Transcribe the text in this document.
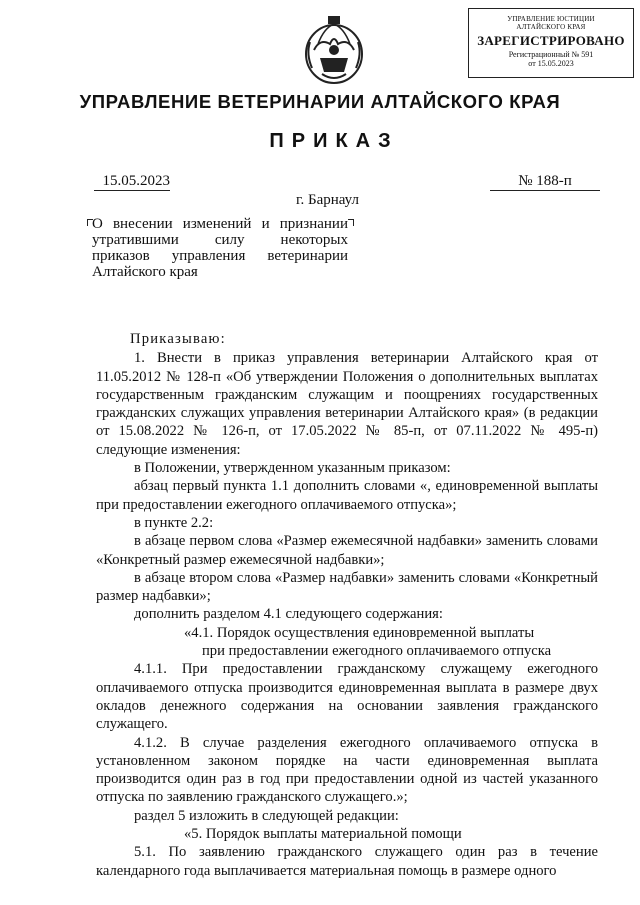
УПРАВЛЕНИЕ ЮСТИЦИИ
АЛТАЙСКОГО КРАЯ
ЗАРЕГИСТРИРОВАНО
Регистрационный № 591
от 15.05.2023
УПРАВЛЕНИЕ ВЕТЕРИНАРИИ АЛТАЙСКОГО КРАЯ
ПРИКАЗ
15.05.2023	№ 188-п
г. Барнаул
О внесении изменений и признании
утратившими силу некоторых
приказов управления ветеринарии
Алтайского края

Приказываю:

1. Внести в приказ управления ветеринарии Алтайского края от 11.05.2012 № 128-п «Об утверждении Положения о дополнительных выплатах государственным гражданским служащим и поощрениях государственных гражданских служащих управления ветеринарии Алтайского края» (в редакции от 15.08.2022 № 126-п, от 17.05.2022 № 85-п, от 07.11.2022 № 495-п) следующие изменения:

в Положении, утвержденном указанным приказом:

абзац первый пункта 1.1 дополнить словами «, единовременной выплаты при предоставлении ежегодного оплачиваемого отпуска»;

в пункте 2.2:

в абзаце первом слова «Размер ежемесячной надбавки» заменить словами «Конкретный размер ежемесячной надбавки»;

в абзаце втором слова «Размер надбавки» заменить словами «Конкретный размер надбавки»;

дополнить разделом 4.1 следующего содержания:

«4.1. Порядок осуществления единовременной выплаты

при предоставлении ежегодного оплачиваемого отпуска

4.1.1. При предоставлении гражданскому служащему ежегодного оплачиваемого отпуска производится единовременная выплата в размере двух окладов денежного содержания на основании заявления гражданского служащего.

4.1.2. В случае разделения ежегодного оплачиваемого отпуска в установленном законом порядке на части единовременная выплата производится один раз в год при предоставлении одной из частей указанного отпуска по заявлению гражданского служащего.»;

раздел 5 изложить в следующей редакции:

«5. Порядок выплаты материальной помощи

5.1. По заявлению гражданского служащего один раз в течение календарного года выплачивается материальная помощь в размере одного
